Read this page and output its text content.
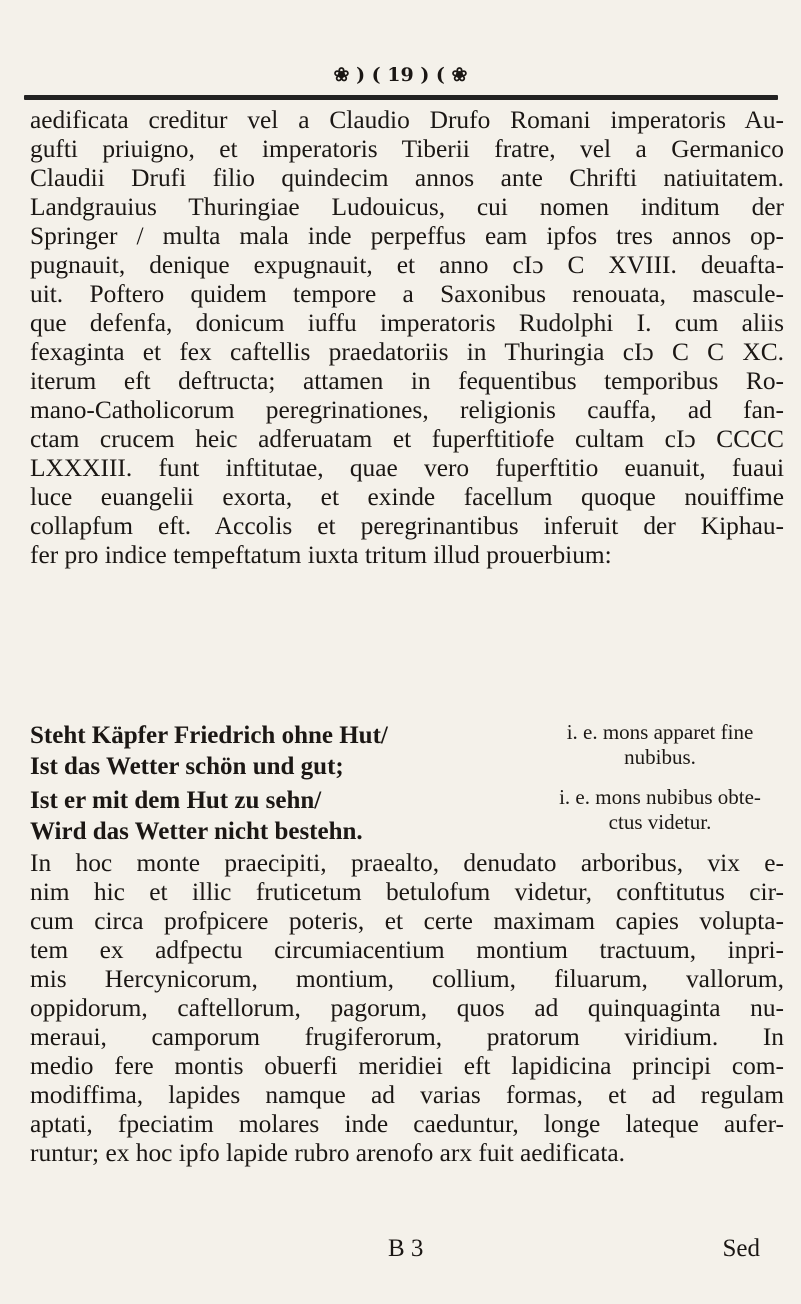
❀ ) ( 19 ) ( ❀
aedificata creditur vel a Claudio Drufo Romani imperatoris Au-
gufti priuigno, et imperatoris Tiberii fratre, vel a Germanico
Claudii Drufi filio quindecim annos ante Chrifti natiuitatem.
Landgrauius Thuringiae Ludouicus, cui nomen inditum der
Springer / multa mala inde perpeffus eam ipfos tres annos op-
pugnauit, denique expugnauit, et anno cIɔ C XVIII. deuafta-
uit. Poftero quidem tempore a Saxonibus renouata, mascule-
que defenfa, donicum iuffu imperatoris Rudolphi I. cum aliis
fexaginta et fex caftellis praedatoriis in Thuringia cIɔ C C XC.
iterum eft deftructa; attamen in fequentibus temporibus Ro-
mano-Catholicorum peregrinationes, religionis cauffa, ad fan-
ctam crucem heic adferuatam et fuperftitiofe cultam cIɔ CCCC
LXXXIII. funt inftitutae, quae vero fuperftitio euanuit, fuaui
luce euangelii exorta, et exinde facellum quoque nouiffime
collapfum eft. Accolis et peregrinantibus inferuit der Kiphau-
fer pro indice tempeftatum iuxta tritum illud prouerbium:
Steht Käpfer Friedrich ohne Hut/
Ist das Wetter schön und gut;
i. e. mons apparet fine
nubibus.
Ist er mit dem Hut zu sehn/
Wird das Wetter nicht bestehn.
i. e. mons nubibus obte-
ctus videtur.
In hoc monte praecipiti, praealto, denudato arboribus, vix e-
nim hic et illic fruticetum betulofum videtur, conftitutus cir-
cum circa profpicere poteris, et certe maximam capies volupta-
tem ex adfpectu circumiacentium montium tractuum, inpri-
mis Hercynicorum, montium, collium, filuarum, vallorum,
oppidorum, caftellorum, pagorum, quos ad quinquaginta nu-
meraui, camporum frugiferorum, pratorum viridium. In
medio fere montis obuerfi meridiei eft lapidicina principi com-
modiffima, lapides namque ad varias formas, et ad regulam
aptati, fpeciatim molares inde caeduntur, longe lateque aufer-
runtur; ex hoc ipfo lapide rubro arenofo arx fuit aedificata.
B 3	Sed
